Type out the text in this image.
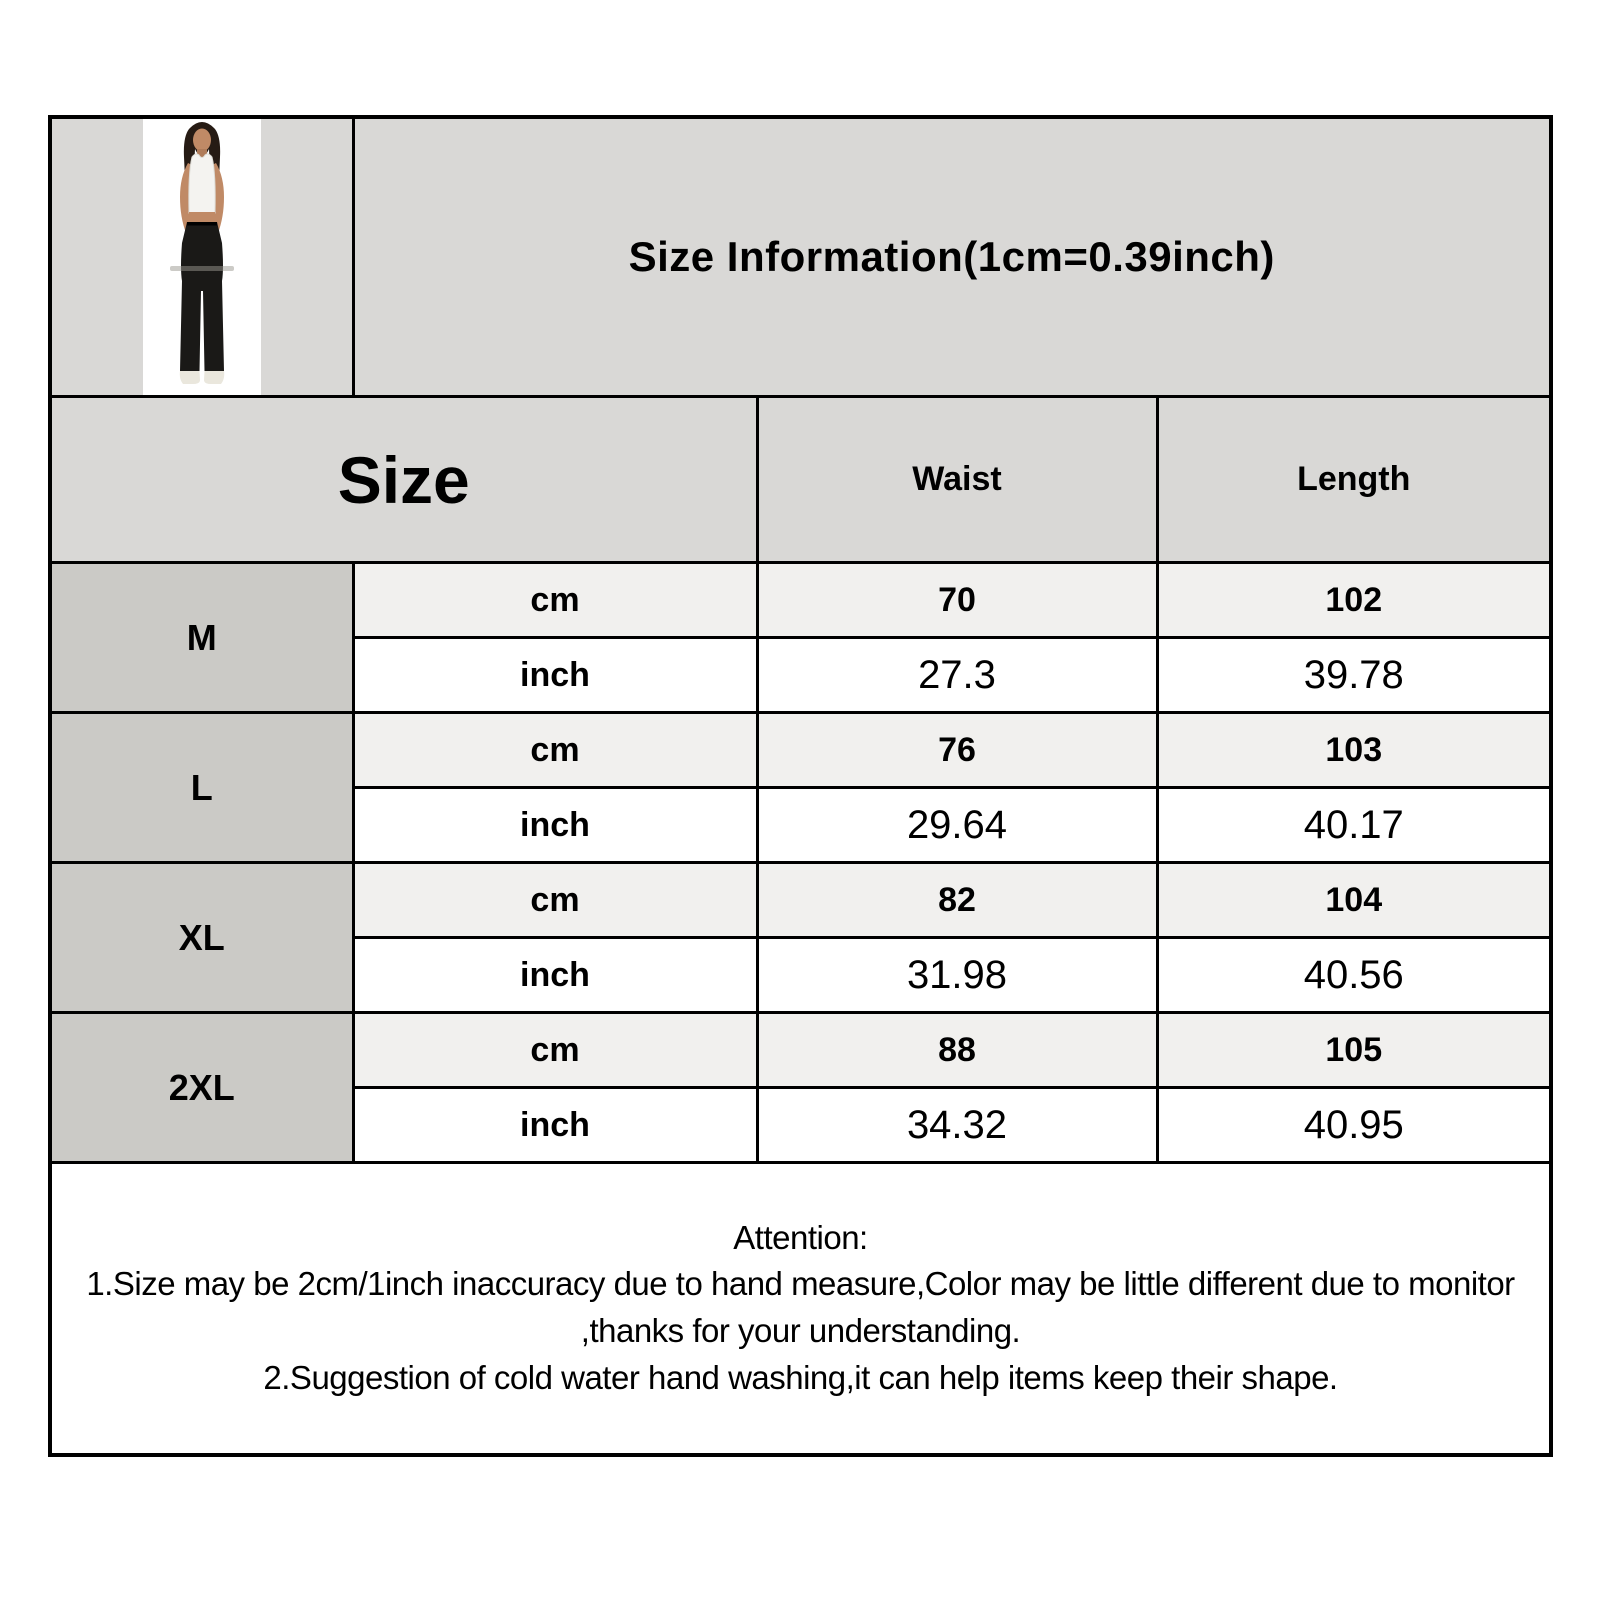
	Size Information(1cm=0.39inch)		
Size		Waist	Length
M	cm	70	102
	inch	27.3	39.78
L	cm	76	103
	inch	29.64	40.17
XL	cm	82	104
	inch	31.98	40.56
2XL	cm	88	105
	inch	34.32	40.95

Attention:
1.Size may be 2cm/1inch inaccuracy due to hand measure,Color may be little different due to monitor ,thanks for your understanding.
2.Suggestion of cold water hand washing,it can help items keep their shape.			
